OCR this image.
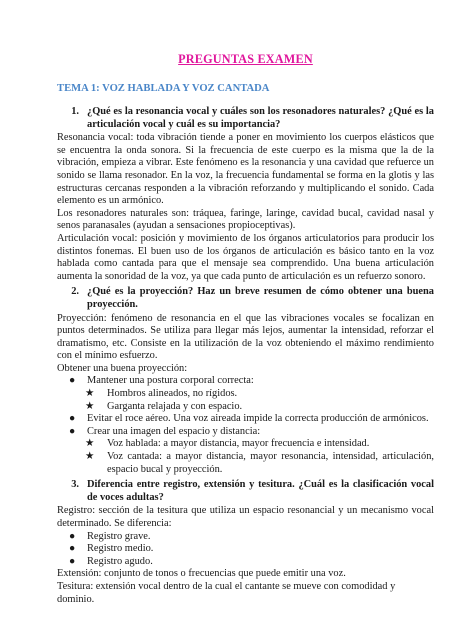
PREGUNTAS EXAMEN
TEMA 1: VOZ HABLADA Y VOZ CANTADA
1. ¿Qué es la resonancia vocal y cuáles son los resonadores naturales? ¿Qué es la articulación vocal y cuál es su importancia?

Resonancia vocal: toda vibración tiende a poner en movimiento los cuerpos elásticos que se encuentra la onda sonora. Si la frecuencia de este cuerpo es la misma que la de la vibración, empieza a vibrar. Este fenómeno es la resonancia y una cavidad que refuerce un sonido se llama resonador. En la voz, la frecuencia fundamental se forma en la glotis y las estructuras cercanas responden a la vibración reforzando y multiplicando el sonido. Cada elemento es un armónico.

Los resonadores naturales son: tráquea, faringe, laringe, cavidad bucal, cavidad nasal y senos paranasales (ayudan a sensaciones propioceptivas).

Articulación vocal: posición y movimiento de los órganos articulatorios para producir los distintos fonemas. El buen uso de los órganos de articulación es básico tanto en la voz hablada como cantada para que el mensaje sea comprendido. Una buena articulación aumenta la sonoridad de la voz, ya que cada punto de articulación es un refuerzo sonoro.

2. ¿Qué es la proyección? Haz un breve resumen de cómo obtener una buena proyección.

Proyección: fenómeno de resonancia en el que las vibraciones vocales se focalizan en puntos determinados. Se utiliza para llegar más lejos, aumentar la intensidad, reforzar el dramatismo, etc. Consiste en la utilización de la voz obteniendo el máximo rendimiento con el mínimo esfuerzo.

Obtener una buena proyección:

●	Mantener una postura corporal correcta:
★	Hombros alineados, no rígidos.
★	Garganta relajada y con espacio.
●	Evitar el roce aéreo. Una voz aireada impide la correcta producción de armónicos.
●	Crear una imagen del espacio y distancia:
★	Voz hablada: a mayor distancia, mayor frecuencia e intensidad.
★	Voz cantada: a mayor distancia, mayor resonancia, intensidad, articulación, espacio bucal y proyección.
3. Diferencia entre registro, extensión y tesitura. ¿Cuál es la clasificación vocal de voces adultas?

Registro: sección de la tesitura que utiliza un espacio resonancial y un mecanismo vocal determinado. Se diferencia:

●	Registro grave.
●	Registro medio.
●	Registro agudo.

Extensión: conjunto de tonos o frecuencias que puede emitir una voz.

Tesitura: extensión vocal dentro de la cual el cantante se mueve con comodidad y dominio.
